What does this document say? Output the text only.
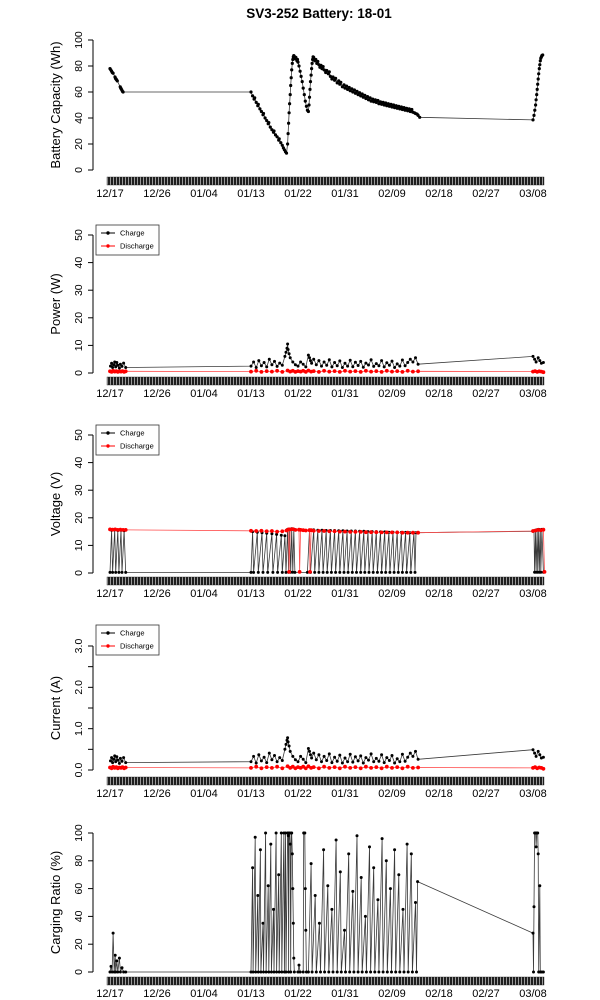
SV3-252 Battery: 18-01
0
20
40
60
80
100
Battery Capacity (Wh)
12/17 12/26 01/04 01/13 01/22 01/31 02/09 02/18 02/27 03/08
0
10
20
30
40
50
Power (W)
12/17 12/26 01/04 01/13 01/22 01/31 02/09 02/18 02/27 03/08
Charge
Discharge
0
10
20
30
40
50
Voltage (V)
12/17 12/26 01/04 01/13 01/22 01/31 02/09 02/18 02/27 03/08
Charge
Discharge
0.0
1.0
2.0
3.0
Current (A)
12/17 12/26 01/04 01/13 01/22 01/31 02/09 02/18 02/27 03/08
Charge
Discharge
0
20
40
60
80
100
Carging Ratio (%)
12/17 12/26 01/04 01/13 01/22 01/31 02/09 02/18 02/27 03/08
